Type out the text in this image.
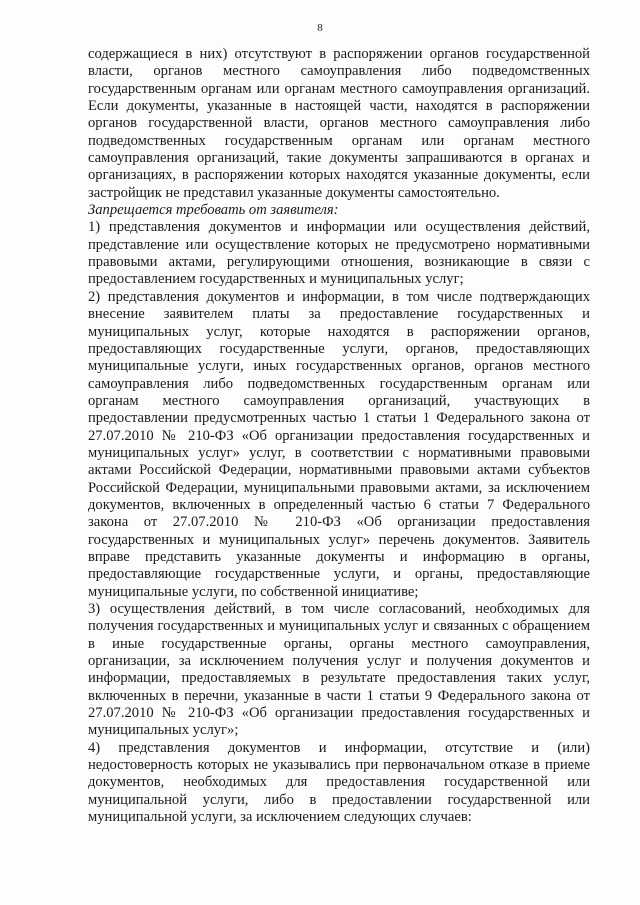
8

содержащиеся в них) отсутствуют в распоряжении органов государственной власти, органов местного самоуправления либо подведомственных государственным органам или органам местного самоуправления организаций. Если документы, указанные в настоящей части, находятся в распоряжении органов государственной власти, органов местного самоуправления либо подведомственных государственным органам или органам местного самоуправления организаций, такие документы запрашиваются в органах и организациях, в распоряжении которых находятся указанные документы, если застройщик не представил указанные документы самостоятельно.

Запрещается требовать от заявителя:

1) представления документов и информации или осуществления действий, представление или осуществление которых не предусмотрено нормативными правовыми актами, регулирующими отношения, возникающие в связи с предоставлением государственных и муниципальных услуг;

2) представления документов и информации, в том числе подтверждающих внесение заявителем платы за предоставление государственных и муниципальных услуг, которые находятся в распоряжении органов, предоставляющих государственные услуги, органов, предоставляющих муниципальные услуги, иных государственных органов, органов местного самоуправления либо подведомственных государственным органам или органам местного самоуправления организаций, участвующих в предоставлении предусмотренных частью 1 статьи 1 Федерального закона от 27.07.2010 № 210-ФЗ «Об организации предоставления государственных и муниципальных услуг» услуг, в соответствии с нормативными правовыми актами Российской Федерации, нормативными правовыми актами субъектов Российской Федерации, муниципальными правовыми актами, за исключением документов, включенных в определенный частью 6 статьи 7 Федерального закона от 27.07.2010 № 210-ФЗ «Об организации предоставления государственных и муниципальных услуг» перечень документов. Заявитель вправе представить указанные документы и информацию в органы, предоставляющие государственные услуги, и органы, предоставляющие муниципальные услуги, по собственной инициативе;

3) осуществления действий, в том числе согласований, необходимых для получения государственных и муниципальных услуг и связанных с обращением в иные государственные органы, органы местного самоуправления, организации, за исключением получения услуг и получения документов и информации, предоставляемых в результате предоставления таких услуг, включенных в перечни, указанные в части 1 статьи 9 Федерального закона от 27.07.2010 № 210-ФЗ «Об организации предоставления государственных и муниципальных услуг»;

4) представления документов и информации, отсутствие и (или) недостоверность которых не указывались при первоначальном отказе в приеме документов, необходимых для предоставления государственной или муниципальной услуги, либо в предоставлении государственной или муниципальной услуги, за исключением следующих случаев:
